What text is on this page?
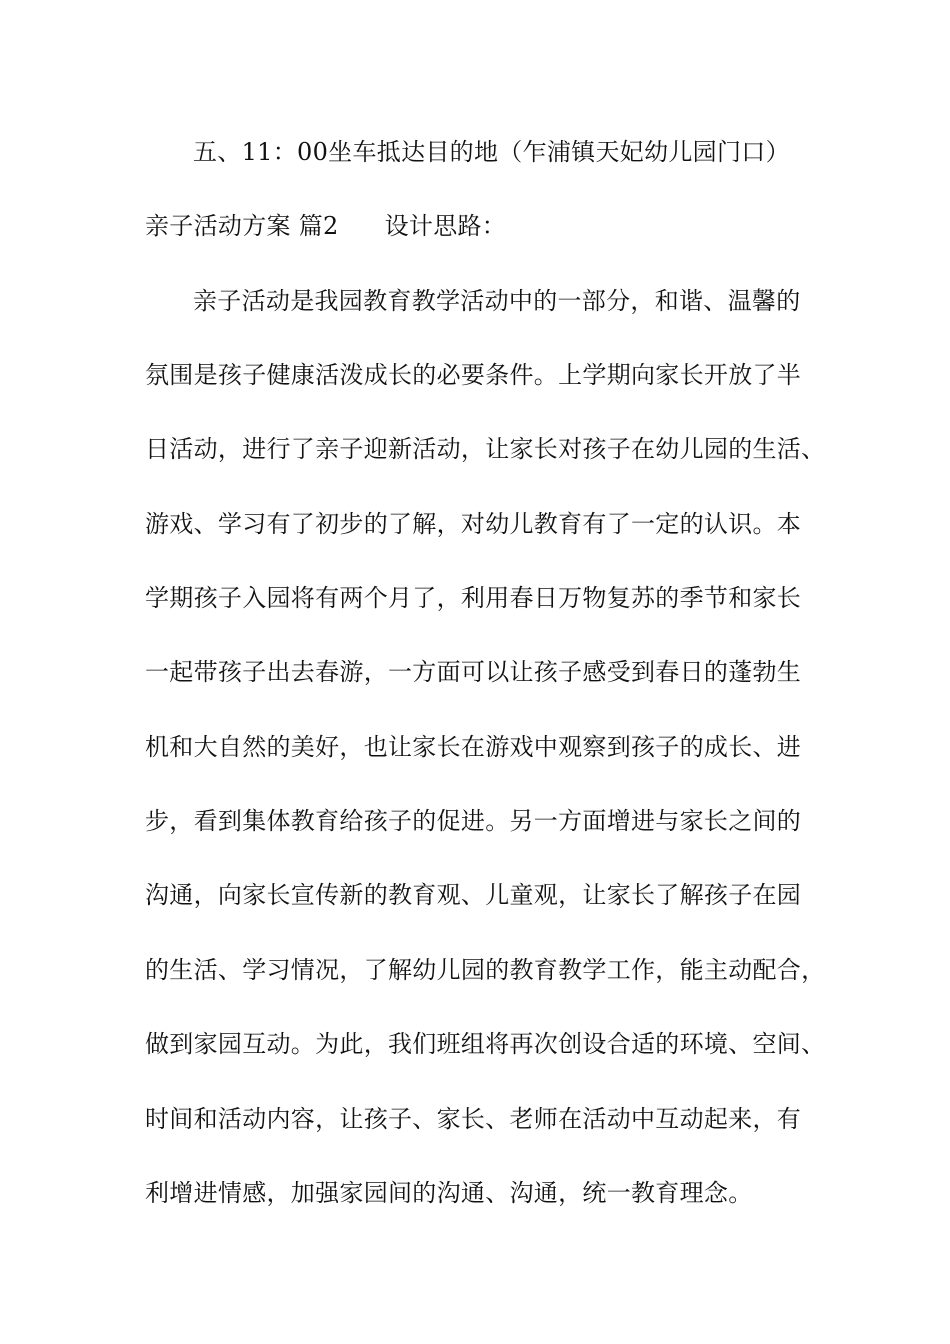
五、11：00坐车抵达目的地（乍浦镇天妃幼儿园门口）
亲子活动方案 篇2 设计思路：
亲子活动是我园教育教学活动中的一部分，和谐、温馨的
氛围是孩子健康活泼成长的必要条件。上学期向家长开放了半
日活动，进行了亲子迎新活动，让家长对孩子在幼儿园的生活、
游戏、学习有了初步的了解，对幼儿教育有了一定的认识。本
学期孩子入园将有两个月了，利用春日万物复苏的季节和家长
一起带孩子出去春游，一方面可以让孩子感受到春日的蓬勃生
机和大自然的美好，也让家长在游戏中观察到孩子的成长、进
步，看到集体教育给孩子的促进。另一方面增进与家长之间的
沟通，向家长宣传新的教育观、儿童观，让家长了解孩子在园
的生活、学习情况，了解幼儿园的教育教学工作，能主动配合，
做到家园互动。为此，我们班组将再次创设合适的环境、空间、
时间和活动内容，让孩子、家长、老师在活动中互动起来，有
利增进情感，加强家园间的沟通、沟通，统一教育理念。
